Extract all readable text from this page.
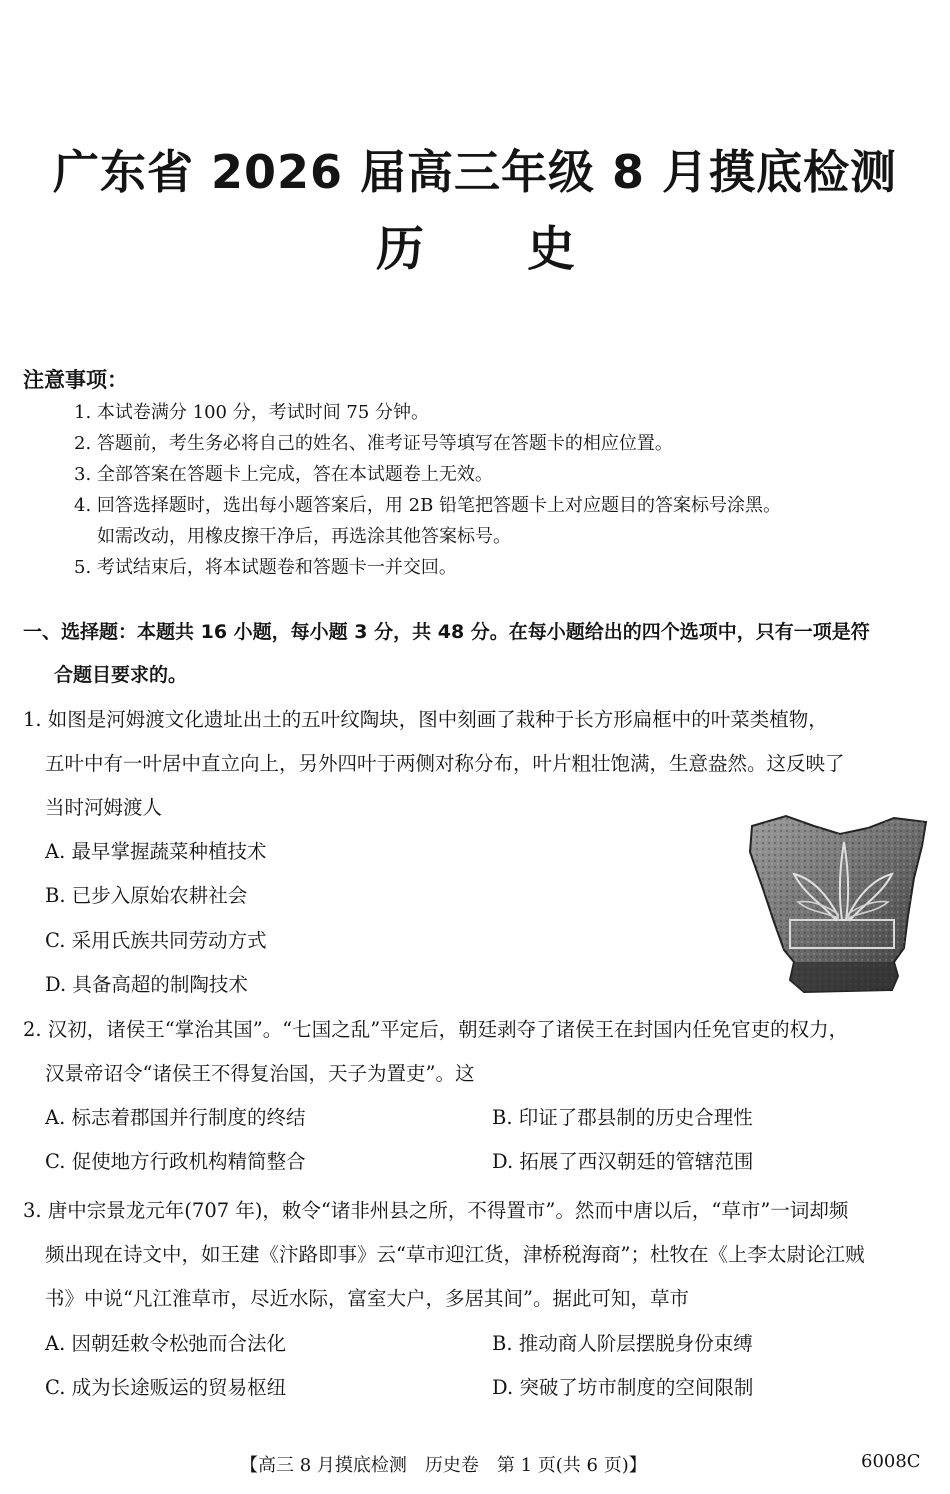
广东省 2026 届高三年级 8 月摸底检测
历 史
注意事项：
1. 本试卷满分 100 分，考试时间 75 分钟。
2. 答题前，考生务必将自己的姓名、准考证号等填写在答题卡的相应位置。
3. 全部答案在答题卡上完成，答在本试题卷上无效。
4. 回答选择题时，选出每小题答案后，用 2B 铅笔把答题卡上对应题目的答案标号涂黑。
如需改动，用橡皮擦干净后，再选涂其他答案标号。
5. 考试结束后，将本试题卷和答题卡一并交回。
一、选择题：本题共 16 小题，每小题 3 分，共 48 分。在每小题给出的四个选项中，只有一项是符
合题目要求的。
1. 如图是河姆渡文化遗址出土的五叶纹陶块，图中刻画了栽种于长方形扁框中的叶菜类植物，
五叶中有一叶居中直立向上，另外四叶于两侧对称分布，叶片粗壮饱满，生意盎然。这反映了
当时河姆渡人
A. 最早掌握蔬菜种植技术
B. 已步入原始农耕社会
C. 采用氏族共同劳动方式
D. 具备高超的制陶技术
2. 汉初，诸侯王“掌治其国”。“七国之乱”平定后，朝廷剥夺了诸侯王在封国内任免官吏的权力，
汉景帝诏令“诸侯王不得复治国，天子为置吏”。这
A. 标志着郡国并行制度的终结	B. 印证了郡县制的历史合理性
C. 促使地方行政机构精简整合	D. 拓展了西汉朝廷的管辖范围
3. 唐中宗景龙元年(707 年)，敕令“诸非州县之所，不得置市”。然而中唐以后，“草市”一词却频
频出现在诗文中，如王建《汴路即事》云“草市迎江货，津桥税海商”；杜牧在《上李太尉论江贼
书》中说“凡江淮草市，尽近水际，富室大户，多居其间”。据此可知，草市
A. 因朝廷敕令松弛而合法化	B. 推动商人阶层摆脱身份束缚
C. 成为长途贩运的贸易枢纽	D. 突破了坊市制度的空间限制
【高三 8 月摸底检测　历史卷　第 1 页(共 6 页)】	6008C
